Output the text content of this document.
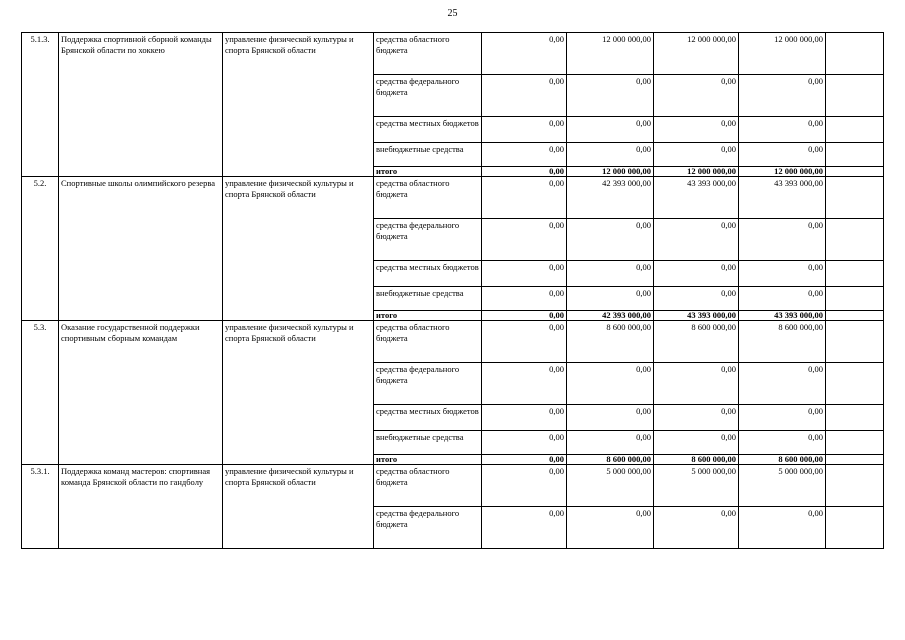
25
5.1.3.	Поддержка спортивной сборной команды Брянской области по хоккею	управление физической культуры и спорта Брянской области	средства областного бюджета	0,00	12 000 000,00	12 000 000,00	12 000 000,00	
			средства федерального бюджета	0,00	0,00	0,00	0,00	
			средства местных бюджетов	0,00	0,00	0,00	0,00	
			внебюджетные средства	0,00	0,00	0,00	0,00	
			итого	0,00	12 000 000,00	12 000 000,00	12 000 000,00	
5.2.	Спортивные школы олимпийского резерва	управление физической культуры и спорта Брянской области	средства областного бюджета	0,00	42 393 000,00	43 393 000,00	43 393 000,00	
			средства федерального бюджета	0,00	0,00	0,00	0,00	
			средства местных бюджетов	0,00	0,00	0,00	0,00	
			внебюджетные средства	0,00	0,00	0,00	0,00	
			итого	0,00	42 393 000,00	43 393 000,00	43 393 000,00	
5.3.	Оказание государственной поддержки спортивным сборным командам	управление физической культуры и спорта Брянской области	средства областного бюджета	0,00	8 600 000,00	8 600 000,00	8 600 000,00	
			средства федерального бюджета	0,00	0,00	0,00	0,00	
			средства местных бюджетов	0,00	0,00	0,00	0,00	
			внебюджетные средства	0,00	0,00	0,00	0,00	
			итого	0,00	8 600 000,00	8 600 000,00	8 600 000,00	
5.3.1.	Поддержка команд мастеров: спортивная команда Брянской области по гандболу	управление физической культуры и спорта Брянской области	средства областного бюджета	0,00	5 000 000,00	5 000 000,00	5 000 000,00	
			средства федерального бюджета	0,00	0,00	0,00	0,00	
